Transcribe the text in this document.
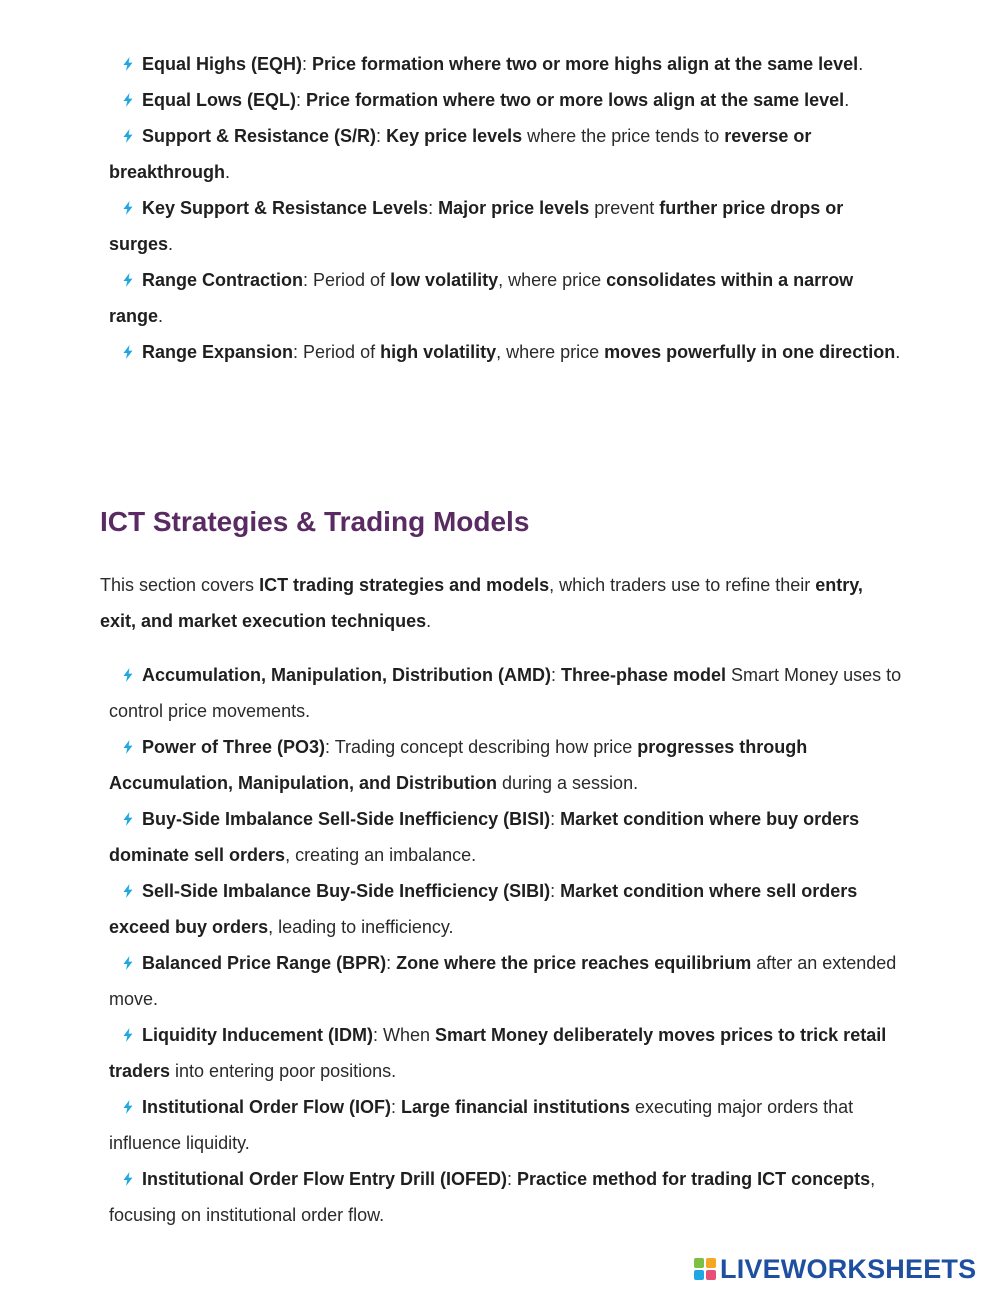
Equal Highs (EQH): Price formation where two or more highs align at the same level.
Equal Lows (EQL): Price formation where two or more lows align at the same level.
Support & Resistance (S/R): Key price levels where the price tends to reverse or breakthrough.
Key Support & Resistance Levels: Major price levels prevent further price drops or surges.
Range Contraction: Period of low volatility, where price consolidates within a narrow range.
Range Expansion: Period of high volatility, where price moves powerfully in one direction.
ICT Strategies & Trading Models

This section covers ICT trading strategies and models, which traders use to refine their entry, exit, and market execution techniques.

Accumulation, Manipulation, Distribution (AMD): Three-phase model Smart Money uses to control price movements.
Power of Three (PO3): Trading concept describing how price progresses through Accumulation, Manipulation, and Distribution during a session.
Buy-Side Imbalance Sell-Side Inefficiency (BISI): Market condition where buy orders dominate sell orders, creating an imbalance.
Sell-Side Imbalance Buy-Side Inefficiency (SIBI): Market condition where sell orders exceed buy orders, leading to inefficiency.
Balanced Price Range (BPR): Zone where the price reaches equilibrium after an extended move.
Liquidity Inducement (IDM): When Smart Money deliberately moves prices to trick retail traders into entering poor positions.
Institutional Order Flow (IOF): Large financial institutions executing major orders that influence liquidity.
Institutional Order Flow Entry Drill (IOFED): Practice method for trading ICT concepts, focusing on institutional order flow.
LIVEWORKSHEETS
